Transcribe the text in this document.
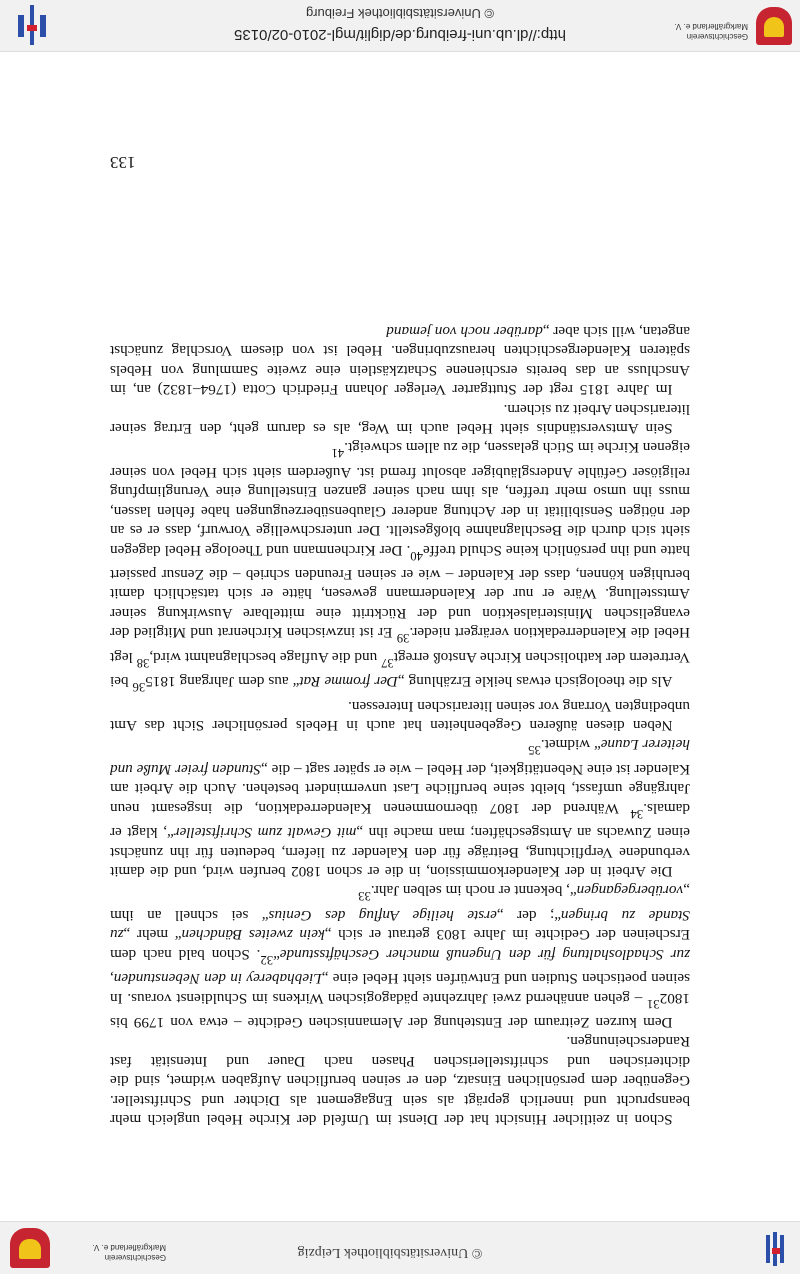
© Universitätsbibliothek Leipzig
Geschichtsverein Markgräflerland e. V.

Schon in zeitlicher Hinsicht hat der Dienst im Umfeld der Kirche Hebel ungleich mehr beansprucht und innerlich geprägt als sein Engagement als Dichter und Schriftsteller. Gegenüber dem persönlichen Einsatz, den er seinen beruflichen Aufgaben widmet, sind die dichterischen und schriftstellerischen Phasen nach Dauer und Intensität fast Randerscheinungen.

Dem kurzen Zeitraum der Entstehung der Alemannischen Gedichte – etwa von 1799 bis 1802$^{31}$ – gehen annähernd zwei Jahrzehnte pädagogischen Wirkens im Schuldienst voraus. In seinen poetischen Studien und Entwürfen sieht Hebel eine „Liebhaberey in den Nebenstunden, zur Schadloshaltung für den Ungenuß mancher Geschäftsstunde“$^{32}$. Schon bald nach dem Erscheinen der Gedichte im Jahre 1803 getraut er sich „kein zweites Bändchen“ mehr „zu Stande zu bringen“; der „erste heilige Anflug des Genius“ sei schnell an ihm „vorübergegangen“, bekennt er noch im selben Jahr.$^{33}$

Die Arbeit in der Kalenderkommission, in die er schon 1802 berufen wird, und die damit verbundene Verpflichtung, Beiträge für den Kalender zu liefern, bedeuten für ihn zunächst einen Zuwachs an Amtsgeschäften; man mache ihn „mit Gewalt zum Schriftsteller“, klagt er damals.$^{34}$ Während der 1807 übernommenen Kalenderredaktion, die insgesamt neun Jahrgänge umfasst, bleibt seine berufliche Last unvermindert bestehen. Auch die Arbeit am Kalender ist eine Nebentätigkeit, der Hebel – wie er später sagt – die „Stunden freier Muße und heiterer Laune“ widmet.$^{35}$

Neben diesen äußeren Gegebenheiten hat auch in Hebels persönlicher Sicht das Amt unbedingten Vorrang vor seinen literarischen Interessen.

Als die theologisch etwas heikle Erzählung „Der fromme Rat“ aus dem Jahrgang 1815$^{36}$ bei Vertretern der katholischen Kirche Anstoß erregt$^{37}$ und die Auflage beschlagnahmt wird,$^{38}$ legt Hebel die Kalenderredaktion verärgert nieder.$^{39}$ Er ist inzwischen Kirchenrat und Mitglied der evangelischen Ministerialsektion und der Rücktritt eine mittelbare Auswirkung seiner Amtsstellung. Wäre er nur der Kalendermann gewesen, hätte er sich tatsächlich damit beruhigen können, dass der Kalender – wie er seinen Freunden schrieb – die Zensur passiert hatte und ihn persönlich keine Schuld treffe$^{40}$. Der Kirchenmann und Theologe Hebel dagegen sieht sich durch die Beschlagnahme bloßgestellt. Der unterschwellige Vorwurf, dass er es an der nötigen Sensibilität in der Achtung anderer Glaubensüberzeugungen habe fehlen lassen, muss ihn umso mehr treffen, als ihm nach seiner ganzen Einstellung eine Verunglimpfung religiöser Gefühle Andersgläubiger absolut fremd ist. Außerdem sieht sich Hebel von seiner eigenen Kirche im Stich gelassen, die zu allem schweigt.$^{41}$

Sein Amtsverständnis sieht Hebel auch im Weg, als es darum geht, den Ertrag seiner literarischen Arbeit zu sichern.

Im Jahre 1815 regt der Stuttgarter Verleger Johann Friedrich Cotta (1764–1832) an, im Anschluss an das bereits erschienene Schatzkästlein eine zweite Sammlung von Hebels späteren Kalendergeschichten herauszubringen. Hebel ist von diesem Vorschlag zunächst angetan, will sich aber „darüber noch von jemand

133
Geschichtsverein Markgräflerland e. V.
http://dl.ub.uni-freiburg.de/diglit/mgl-2010-02/0135
© Universitätsbibliothek Freiburg
